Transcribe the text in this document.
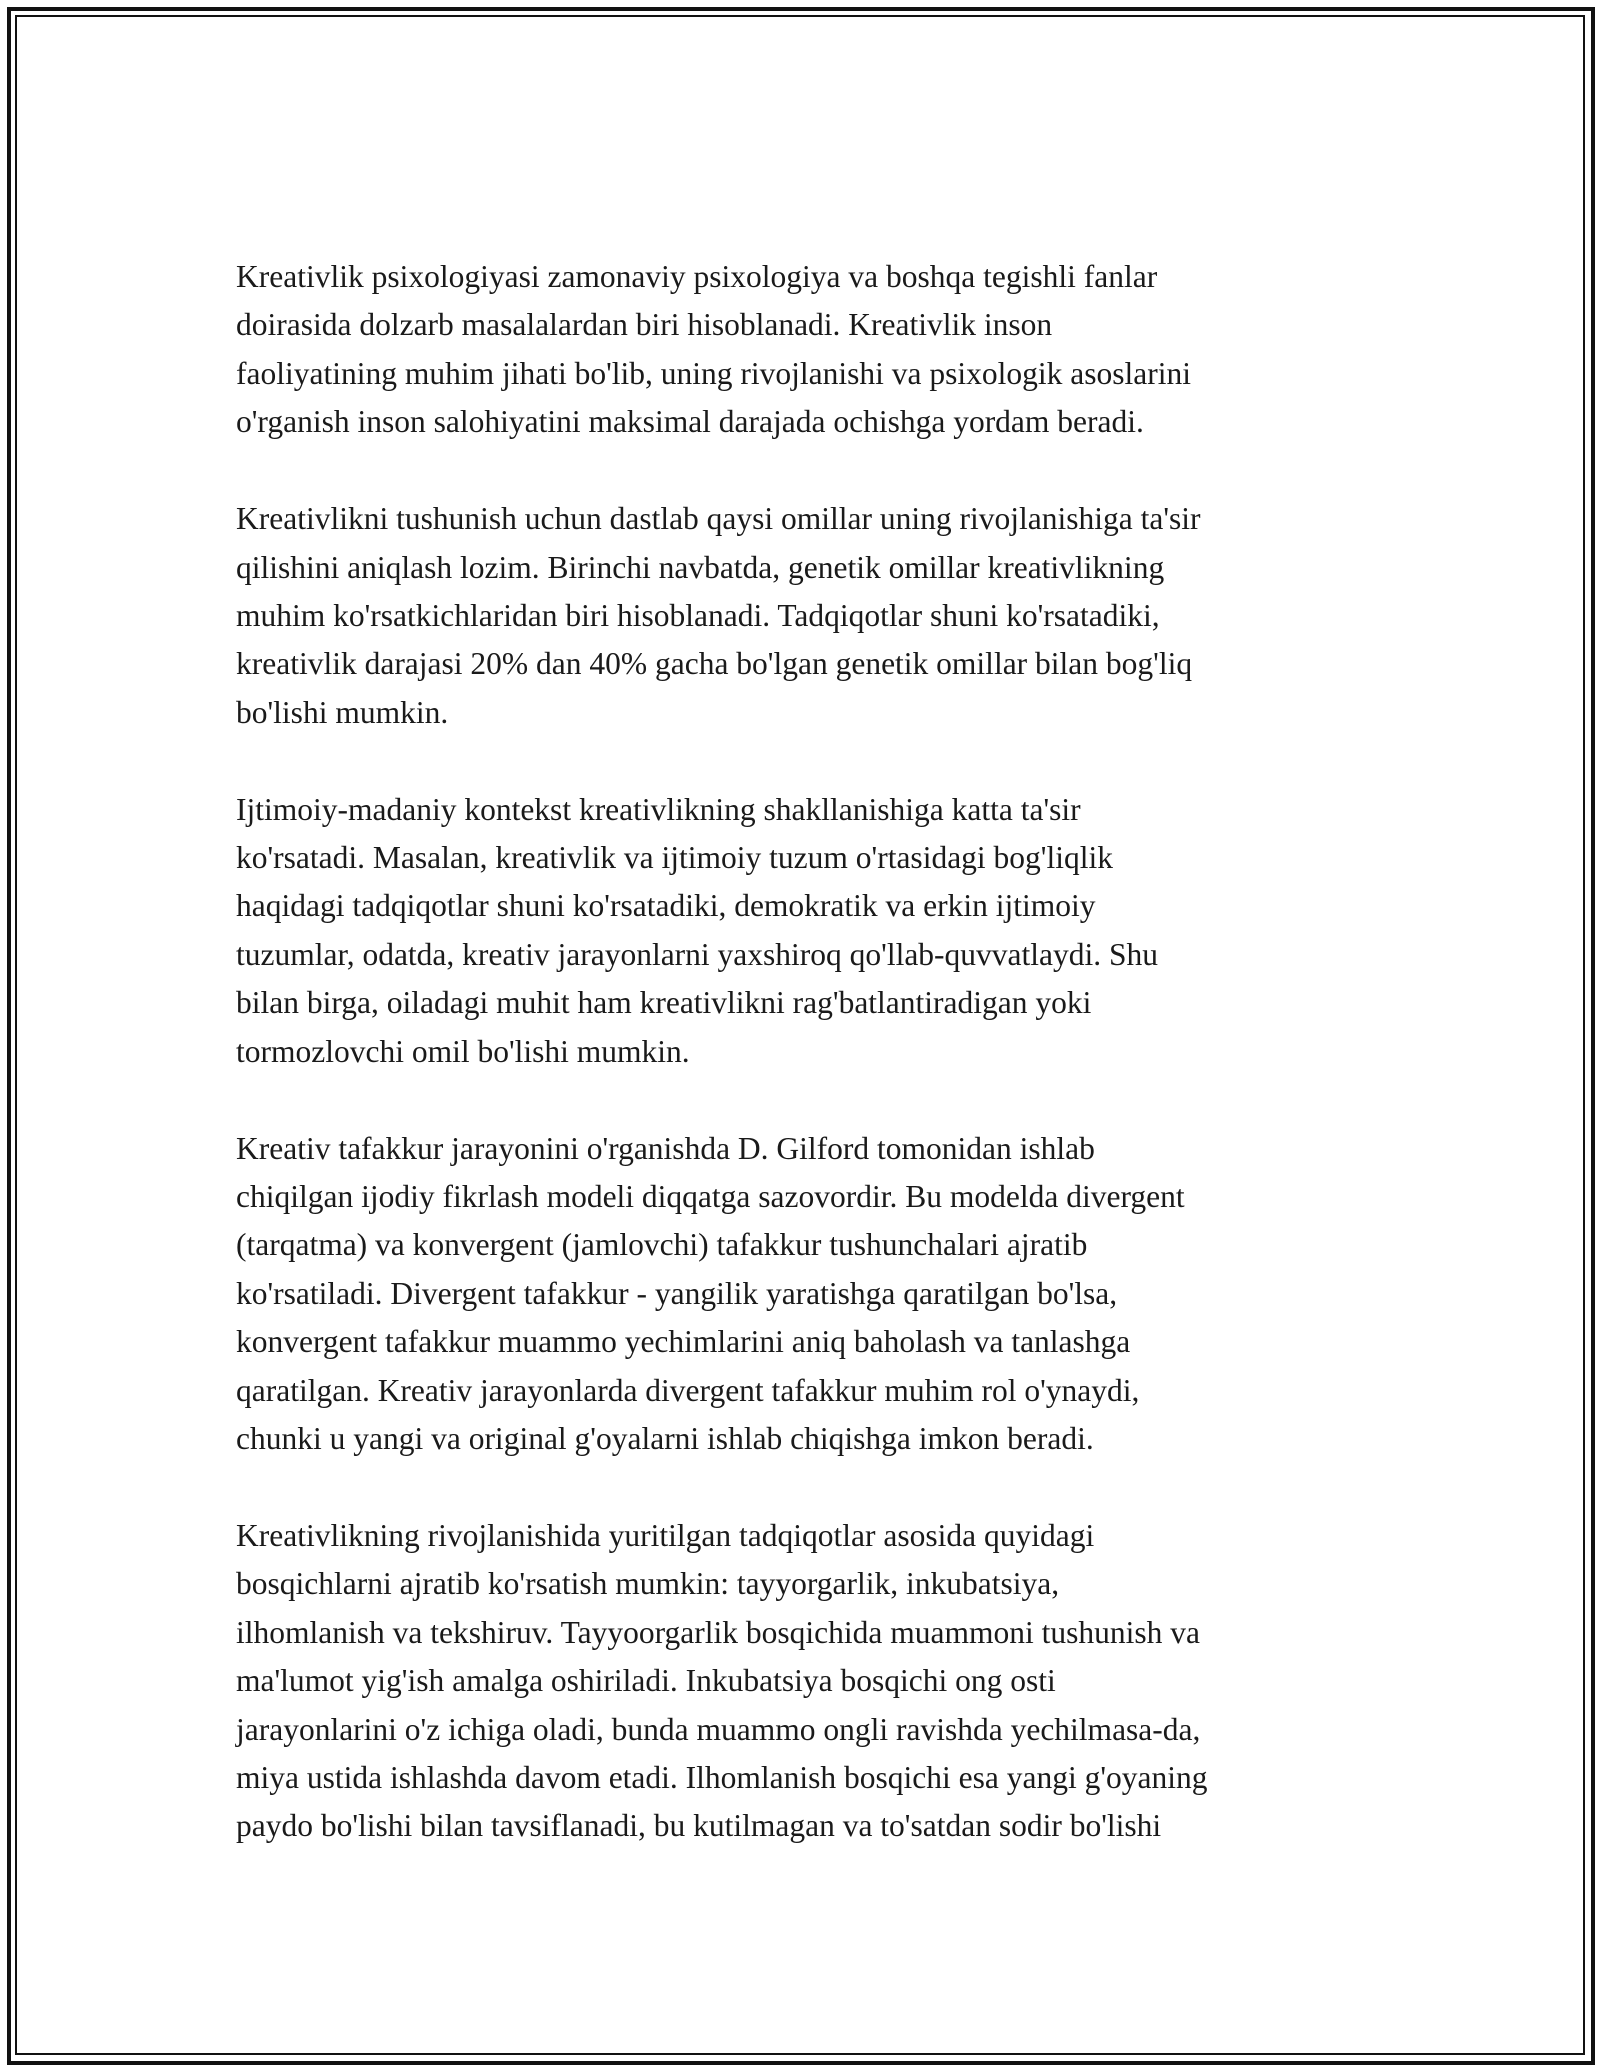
Kreativlik psixologiyasi zamonaviy psixologiya va boshqa tegishli fanlar
doirasida dolzarb masalalardan biri hisoblanadi. Kreativlik inson
faoliyatining muhim jihati bo'lib, uning rivojlanishi va psixologik asoslarini
o'rganish inson salohiyatini maksimal darajada ochishga yordam beradi.

Kreativlikni tushunish uchun dastlab qaysi omillar uning rivojlanishiga ta'sir
qilishini aniqlash lozim. Birinchi navbatda, genetik omillar kreativlikning
muhim ko'rsatkichlaridan biri hisoblanadi. Tadqiqotlar shuni ko'rsatadiki,
kreativlik darajasi 20% dan 40% gacha bo'lgan genetik omillar bilan bog'liq
bo'lishi mumkin.

Ijtimoiy-madaniy kontekst kreativlikning shakllanishiga katta ta'sir
ko'rsatadi. Masalan, kreativlik va ijtimoiy tuzum o'rtasidagi bog'liqlik
haqidagi tadqiqotlar shuni ko'rsatadiki, demokratik va erkin ijtimoiy
tuzumlar, odatda, kreativ jarayonlarni yaxshiroq qo'llab-quvvatlaydi. Shu
bilan birga, oiladagi muhit ham kreativlikni rag'batlantiradigan yoki
tormozlovchi omil bo'lishi mumkin.

Kreativ tafakkur jarayonini o'rganishda D. Gilford tomonidan ishlab
chiqilgan ijodiy fikrlash modeli diqqatga sazovordir. Bu modelda divergent
(tarqatma) va konvergent (jamlovchi) tafakkur tushunchalari ajratib
ko'rsatiladi. Divergent tafakkur - yangilik yaratishga qaratilgan bo'lsa,
konvergent tafakkur muammo yechimlarini aniq baholash va tanlashga
qaratilgan. Kreativ jarayonlarda divergent tafakkur muhim rol o'ynaydi,
chunki u yangi va original g'oyalarni ishlab chiqishga imkon beradi.

Kreativlikning rivojlanishida yuritilgan tadqiqotlar asosida quyidagi
bosqichlarni ajratib ko'rsatish mumkin: tayyorgarlik, inkubatsiya,
ilhomlanish va tekshiruv. Tayyoorgarlik bosqichida muammoni tushunish va
ma'lumot yig'ish amalga oshiriladi. Inkubatsiya bosqichi ong osti
jarayonlarini o'z ichiga oladi, bunda muammo ongli ravishda yechilmasa-da,
miya ustida ishlashda davom etadi. Ilhomlanish bosqichi esa yangi g'oyaning
paydo bo'lishi bilan tavsiflanadi, bu kutilmagan va to'satdan sodir bo'lishi
